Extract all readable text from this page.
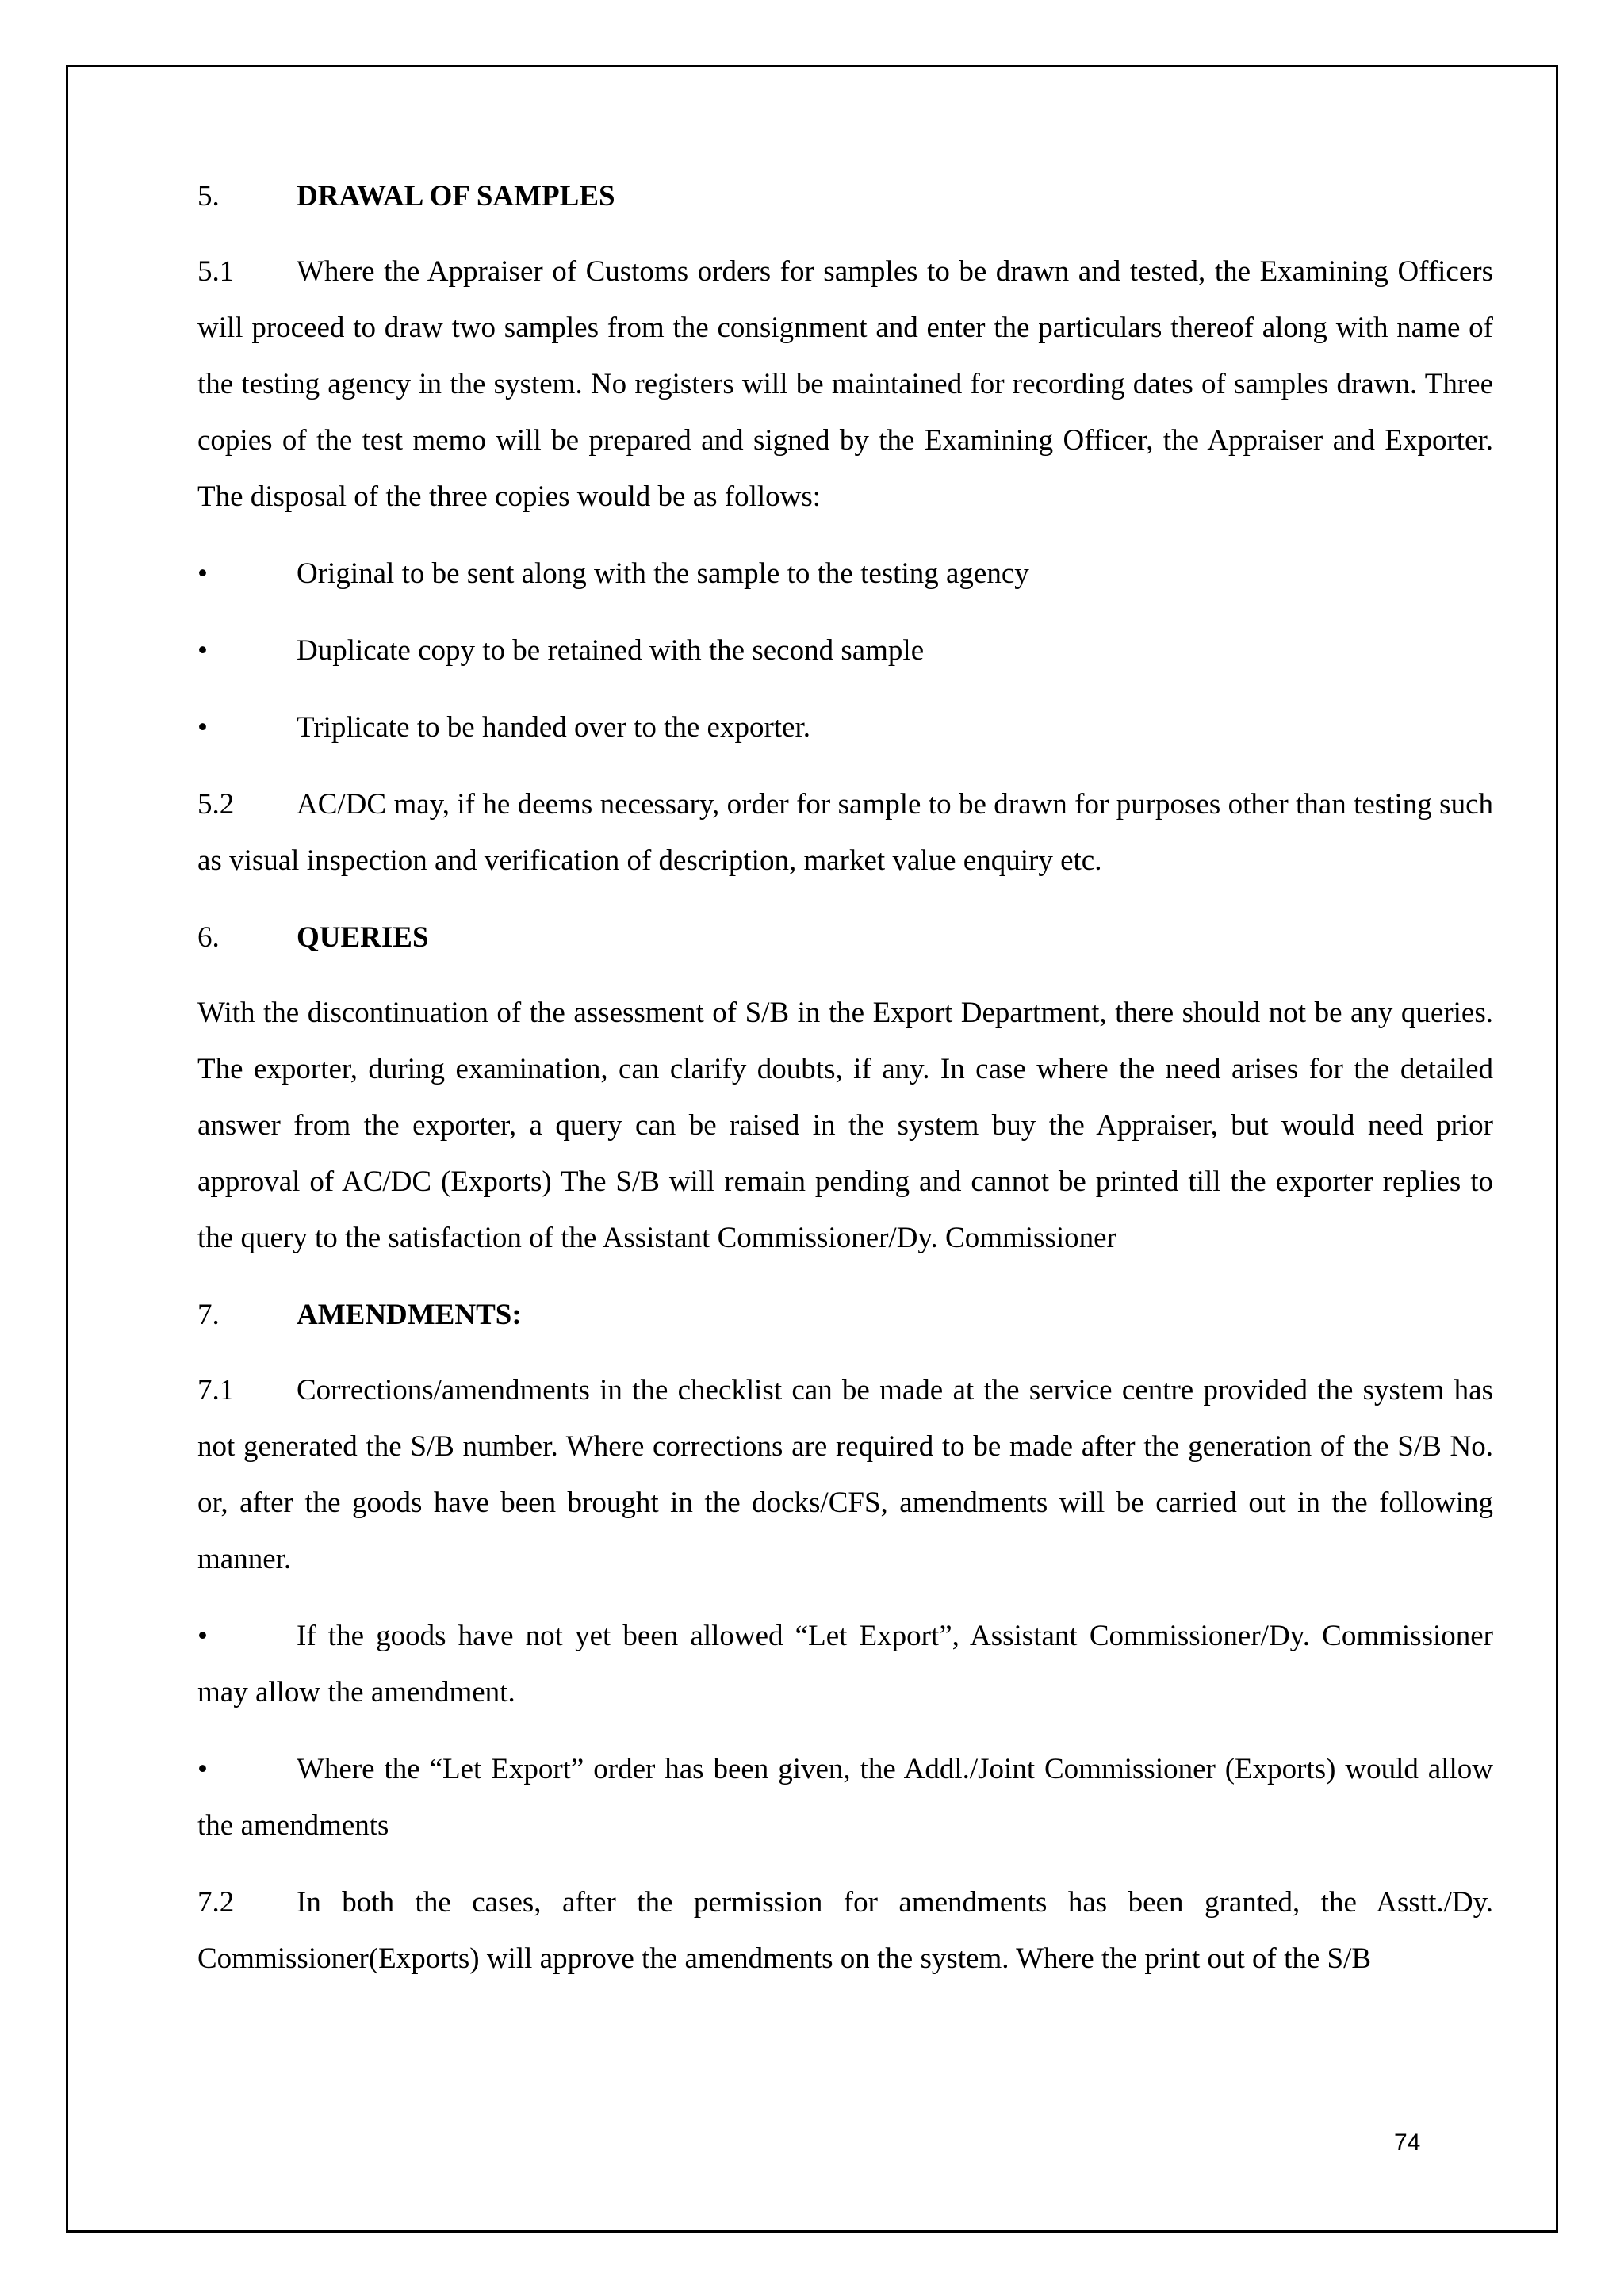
5.	DRAWAL OF SAMPLES

5.1 Where the Appraiser of Customs orders for samples to be drawn and tested, the Examining Officers will proceed to draw two samples from the consignment and enter the particulars thereof along with name of the testing agency in the system. No registers will be maintained for recording dates of samples drawn. Three copies of the test memo will be prepared and signed by the Examining Officer, the Appraiser and Exporter. The disposal of the three copies would be as follows:

•	Original to be sent along with the sample to the testing agency
•	Duplicate copy to be retained with the second sample
•	Triplicate to be handed over to the exporter.

5.2 AC/DC may, if he deems necessary, order for sample to be drawn for purposes other than testing such as visual inspection and verification of description, market value enquiry etc.

6.	QUERIES

With the discontinuation of the assessment of S/B in the Export Department, there should not be any queries. The exporter, during examination, can clarify doubts, if any. In case where the need arises for the detailed answer from the exporter, a query can be raised in the system buy the Appraiser, but would need prior approval of AC/DC (Exports) The S/B will remain pending and cannot be printed till the exporter replies to the query to the satisfaction of the Assistant Commissioner/Dy. Commissioner

7.	AMENDMENTS:

7.1 Corrections/amendments in the checklist can be made at the service centre provided the system has not generated the S/B number. Where corrections are required to be made after the generation of the S/B No. or, after the goods have been brought in the docks/CFS, amendments will be carried out in the following manner.

•	If the goods have not yet been allowed “Let Export”, Assistant Commissioner/Dy. Commissioner may allow the amendment.

•	Where the “Let Export” order has been given, the Addl./Joint Commissioner (Exports) would allow the amendments

7.2 In both the cases, after the permission for amendments has been granted, the Asstt./Dy. Commissioner(Exports) will approve the amendments on the system. Where the print out of the S/B

74
